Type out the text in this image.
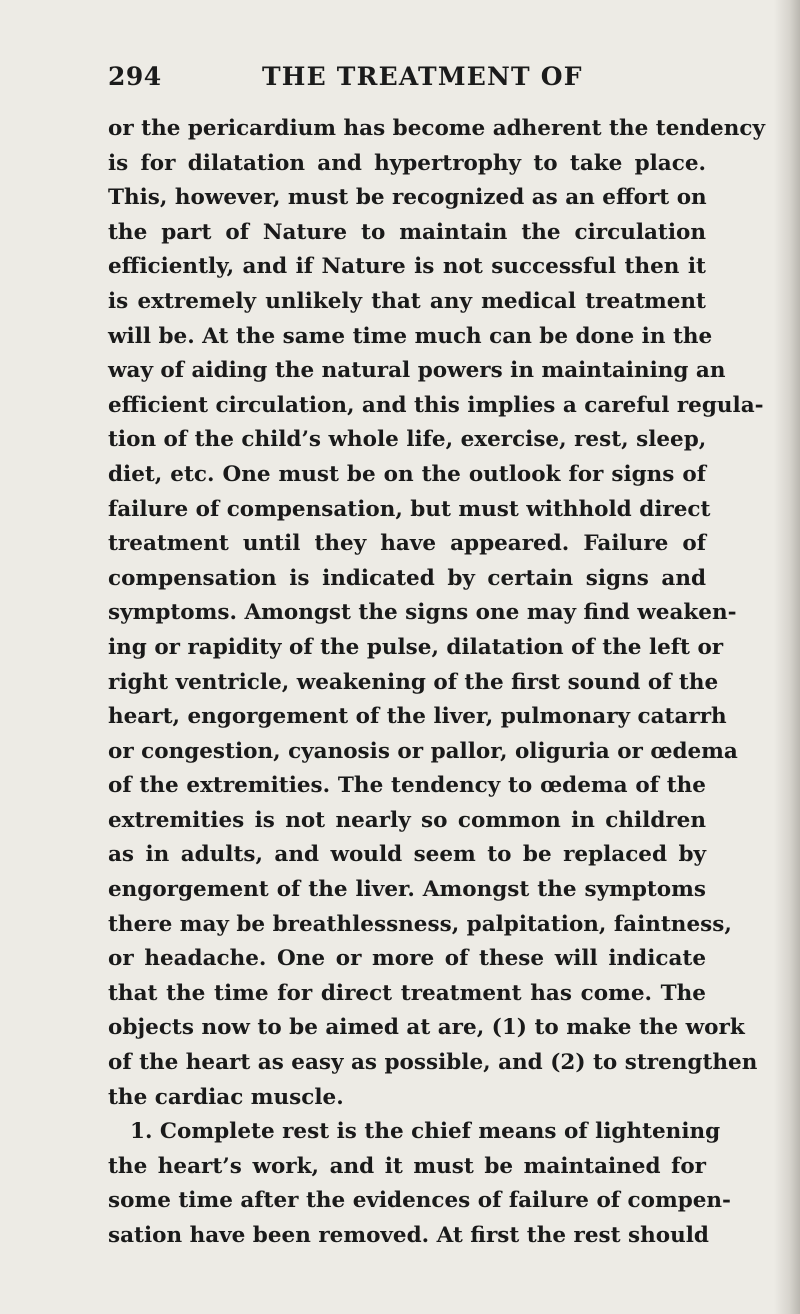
294	THE TREATMENT OF
or the pericardium has become adherent the tendency
is for dilatation and hypertrophy to take place.
This, however, must be recognized as an effort on
the part of Nature to maintain the circulation
efficiently, and if Nature is not successful then it
is extremely unlikely that any medical treatment
will be. At the same time much can be done in the
way of aiding the natural powers in maintaining an
efficient circulation, and this implies a careful regula-
tion of the child’s whole life, exercise, rest, sleep,
diet, etc. One must be on the outlook for signs of
failure of compensation, but must withhold direct
treatment until they have appeared. Failure of
compensation is indicated by certain signs and
symptoms. Amongst the signs one may find weaken-
ing or rapidity of the pulse, dilatation of the left or
right ventricle, weakening of the first sound of the
heart, engorgement of the liver, pulmonary catarrh
or congestion, cyanosis or pallor, oliguria or œdema
of the extremities. The tendency to œdema of the
extremities is not nearly so common in children
as in adults, and would seem to be replaced by
engorgement of the liver. Amongst the symptoms
there may be breathlessness, palpitation, faintness,
or headache. One or more of these will indicate
that the time for direct treatment has come. The
objects now to be aimed at are, (1) to make the work
of the heart as easy as possible, and (2) to strengthen
the cardiac muscle.
1. Complete rest is the chief means of lightening
the heart’s work, and it must be maintained for
some time after the evidences of failure of compen-
sation have been removed. At first the rest should
